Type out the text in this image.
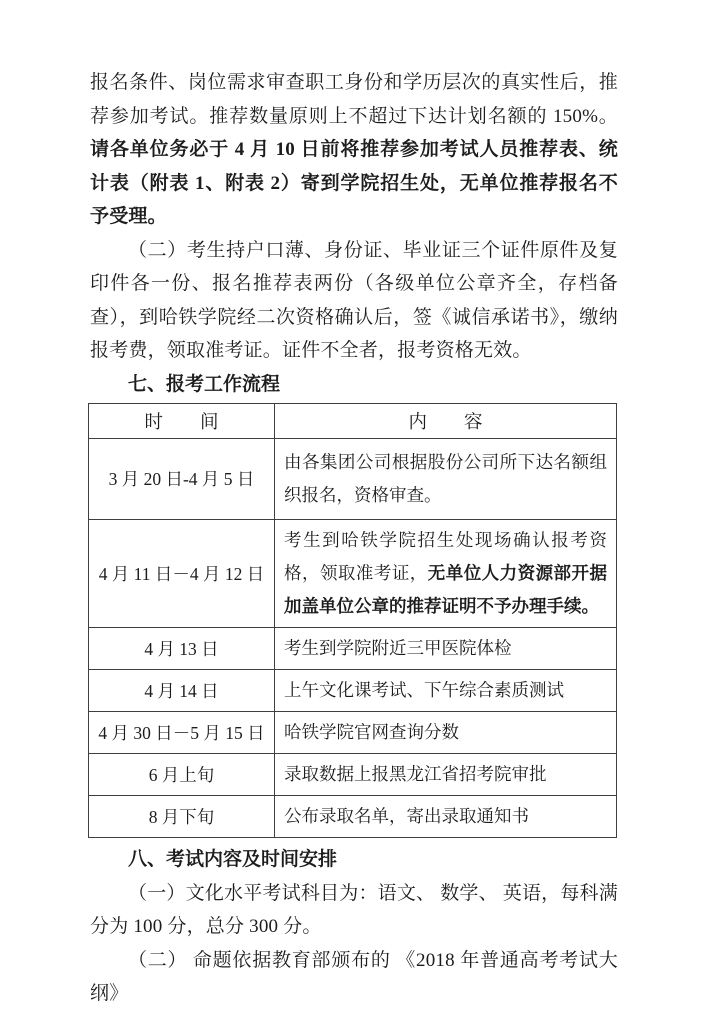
报名条件、岗位需求审查职工身份和学历层次的真实性后，推荐参加考试。推荐数量原则上不超过下达计划名额的 150%。请各单位务必于 4 月 10 日前将推荐参加考试人员推荐表、统计表（附表 1、附表 2）寄到学院招生处，无单位推荐报名不予受理。

（二）考生持户口薄、身份证、毕业证三个证件原件及复印件各一份、报名推荐表两份（各级单位公章齐全，存档备查），到哈铁学院经二次资格确认后，签《诚信承诺书》，缴纳报考费，领取准考证。证件不全者，报考资格无效。

七、报考工作流程
时　　间	内　　容
3 月 20 日-4 月 5 日	由各集团公司根据股份公司所下达名额组织报名，资格审查。
4 月 11 日－4 月 12 日	考生到哈铁学院招生处现场确认报考资格，领取准考证，无单位人力资源部开据加盖单位公章的推荐证明不予办理手续。
4 月 13 日	考生到学院附近三甲医院体检
4 月 14 日	上午文化课考试、下午综合素质测试
4 月 30 日－5 月 15 日	哈铁学院官网查询分数
6 月上旬	录取数据上报黑龙江省招考院审批
8 月下旬	公布录取名单，寄出录取通知书
八、考试内容及时间安排

（一）文化水平考试科目为：语文、 数学、 英语，每科满分为 100 分，总分 300 分。

（二） 命题依据教育部颁布的 《2018 年普通高考考试大纲》
